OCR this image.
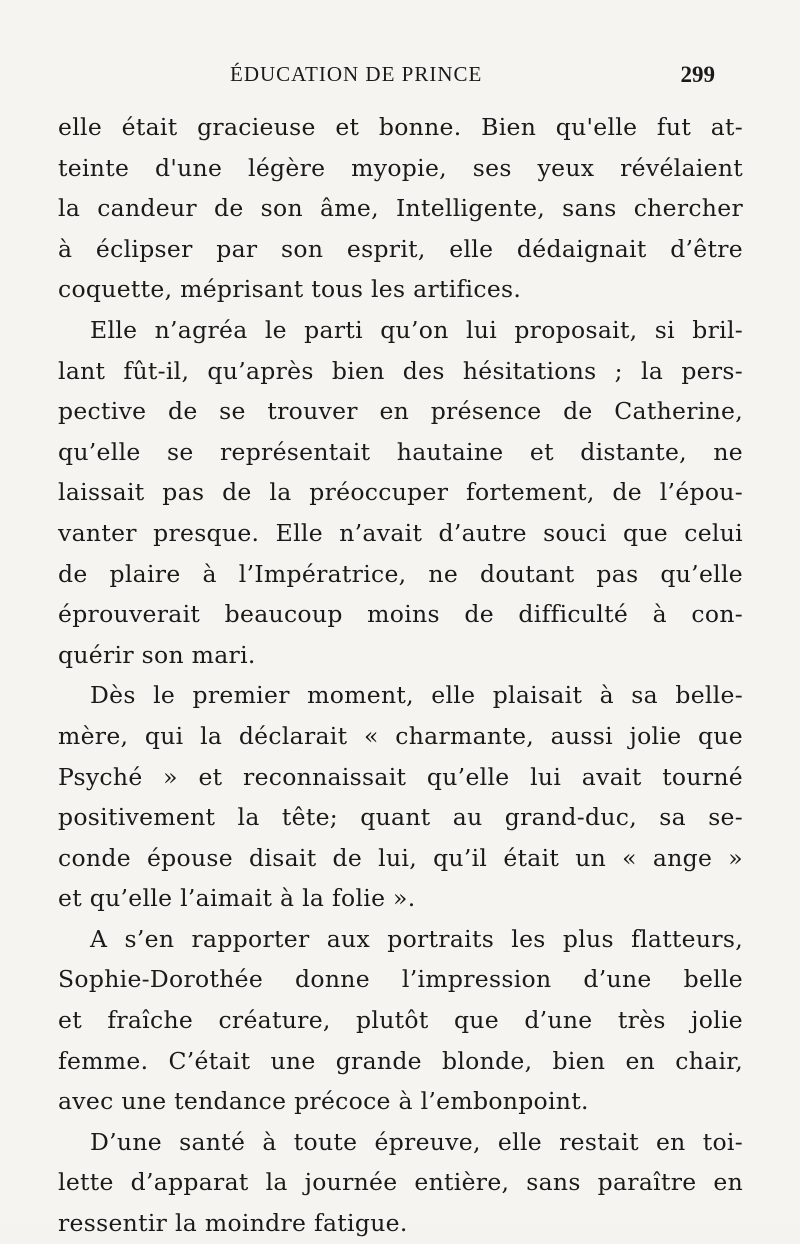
ÉDUCATION DE PRINCE	299
elle était gracieuse et bonne. Bien qu'elle fut at-
teinte d'une légère myopie, ses yeux révélaient
la candeur de son âme, Intelligente, sans chercher
à éclipser par son esprit, elle dédaignait d’être
coquette, méprisant tous les artifices.
Elle n’agréa le parti qu’on lui proposait, si bril-
lant fût-il, qu’après bien des hésitations ; la pers-
pective de se trouver en présence de Catherine,
qu’elle se représentait hautaine et distante, ne
laissait pas de la préoccuper fortement, de l’épou-
vanter presque. Elle n’avait d’autre souci que celui
de plaire à l’Impératrice, ne doutant pas qu’elle
éprouverait beaucoup moins de difficulté à con-
quérir son mari.
Dès le premier moment, elle plaisait à sa belle-
mère, qui la déclarait « charmante, aussi jolie que
Psyché » et reconnaissait qu’elle lui avait tourné
positivement la tête; quant au grand-duc, sa se-
conde épouse disait de lui, qu’il était un « ange »
et qu’elle l’aimait à la folie ».
A s’en rapporter aux portraits les plus flatteurs,
Sophie-Dorothée donne l’impression d’une belle
et fraîche créature, plutôt que d’une très jolie
femme. C’était une grande blonde, bien en chair,
avec une tendance précoce à l’embonpoint.
D’une santé à toute épreuve, elle restait en toi-
lette d’apparat la journée entière, sans paraître en
ressentir la moindre fatigue.
